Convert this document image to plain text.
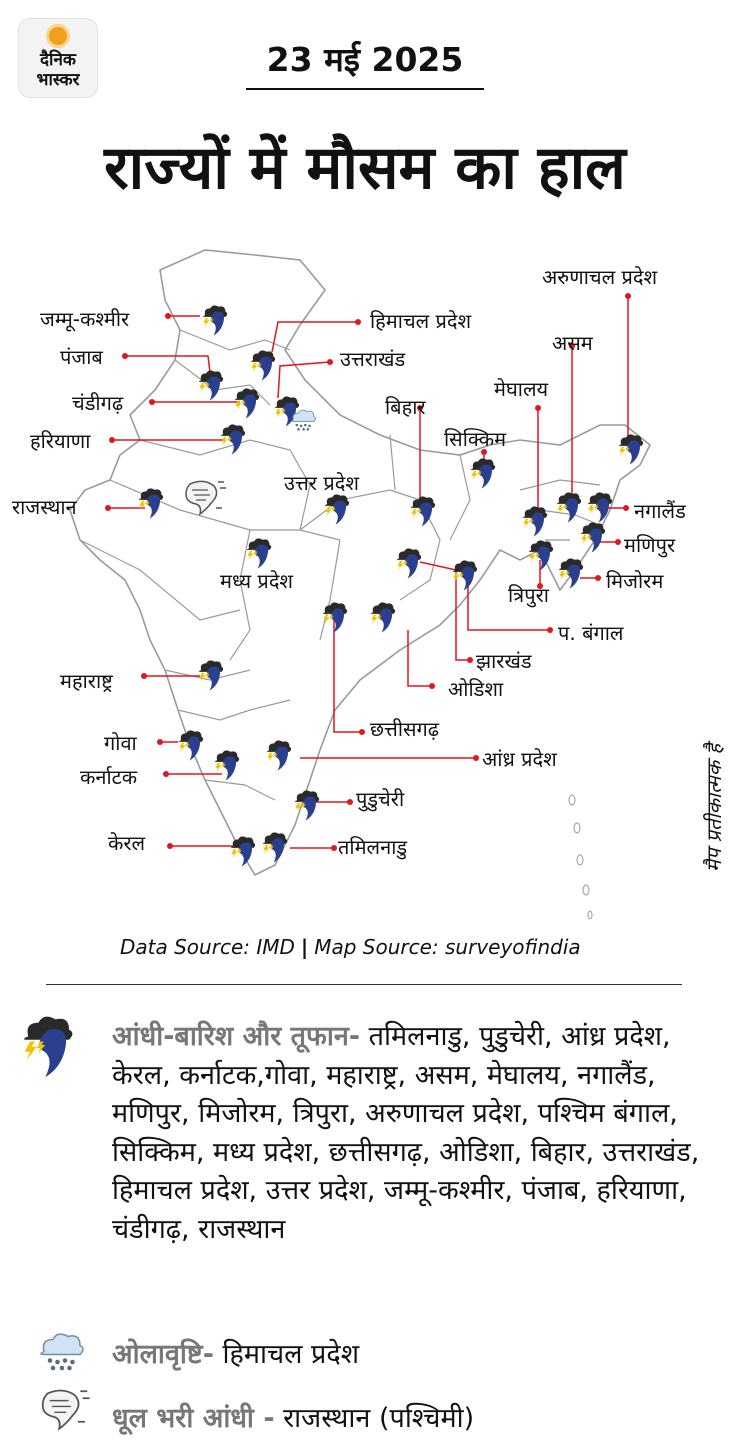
दैनिक
भास्कर
23 मई 2025
राज्यों में मौसम का हाल
जम्मू-कश्मीर
पंजाब
चंडीगढ़
हरियाणा
राजस्थान
हिमाचल प्रदेश
उत्तराखंड
उत्तर प्रदेश
मध्य प्रदेश
बिहार
सिक्किम
मेघालय
असम
अरुणाचल प्रदेश
नगालैंड
मणिपुर
मिजोरम
त्रिपुरा
प. बंगाल
झारखंड
ओडिशा
छत्तीसगढ़
महाराष्ट्र
गोवा
कर्नाटक
आंध्र प्रदेश
पुडुचेरी
केरल	तमिलनाडु	मैप प्रतीकात्मक है
Data Source: IMD | Map Source: surveyofindia
आंधी-बारिश और तूफान- तमिलनाडु, पुडुचेरी, आंध्र प्रदेश, केरल, कर्नाटक,गोवा, महाराष्ट्र, असम, मेघालय, नगालैंड, मणिपुर, मिजोरम, त्रिपुरा, अरुणाचल प्रदेश, पश्चिम बंगाल, सिक्किम, मध्य प्रदेश, छत्तीसगढ़, ओडिशा, बिहार, उत्तराखंड, हिमाचल प्रदेश, उत्तर प्रदेश, जम्मू-कश्मीर, पंजाब, हरियाणा, चंडीगढ़, राजस्थान
ओलावृष्टि- हिमाचल प्रदेश
धूल भरी आंधी - राजस्थान (पश्चिमी)
